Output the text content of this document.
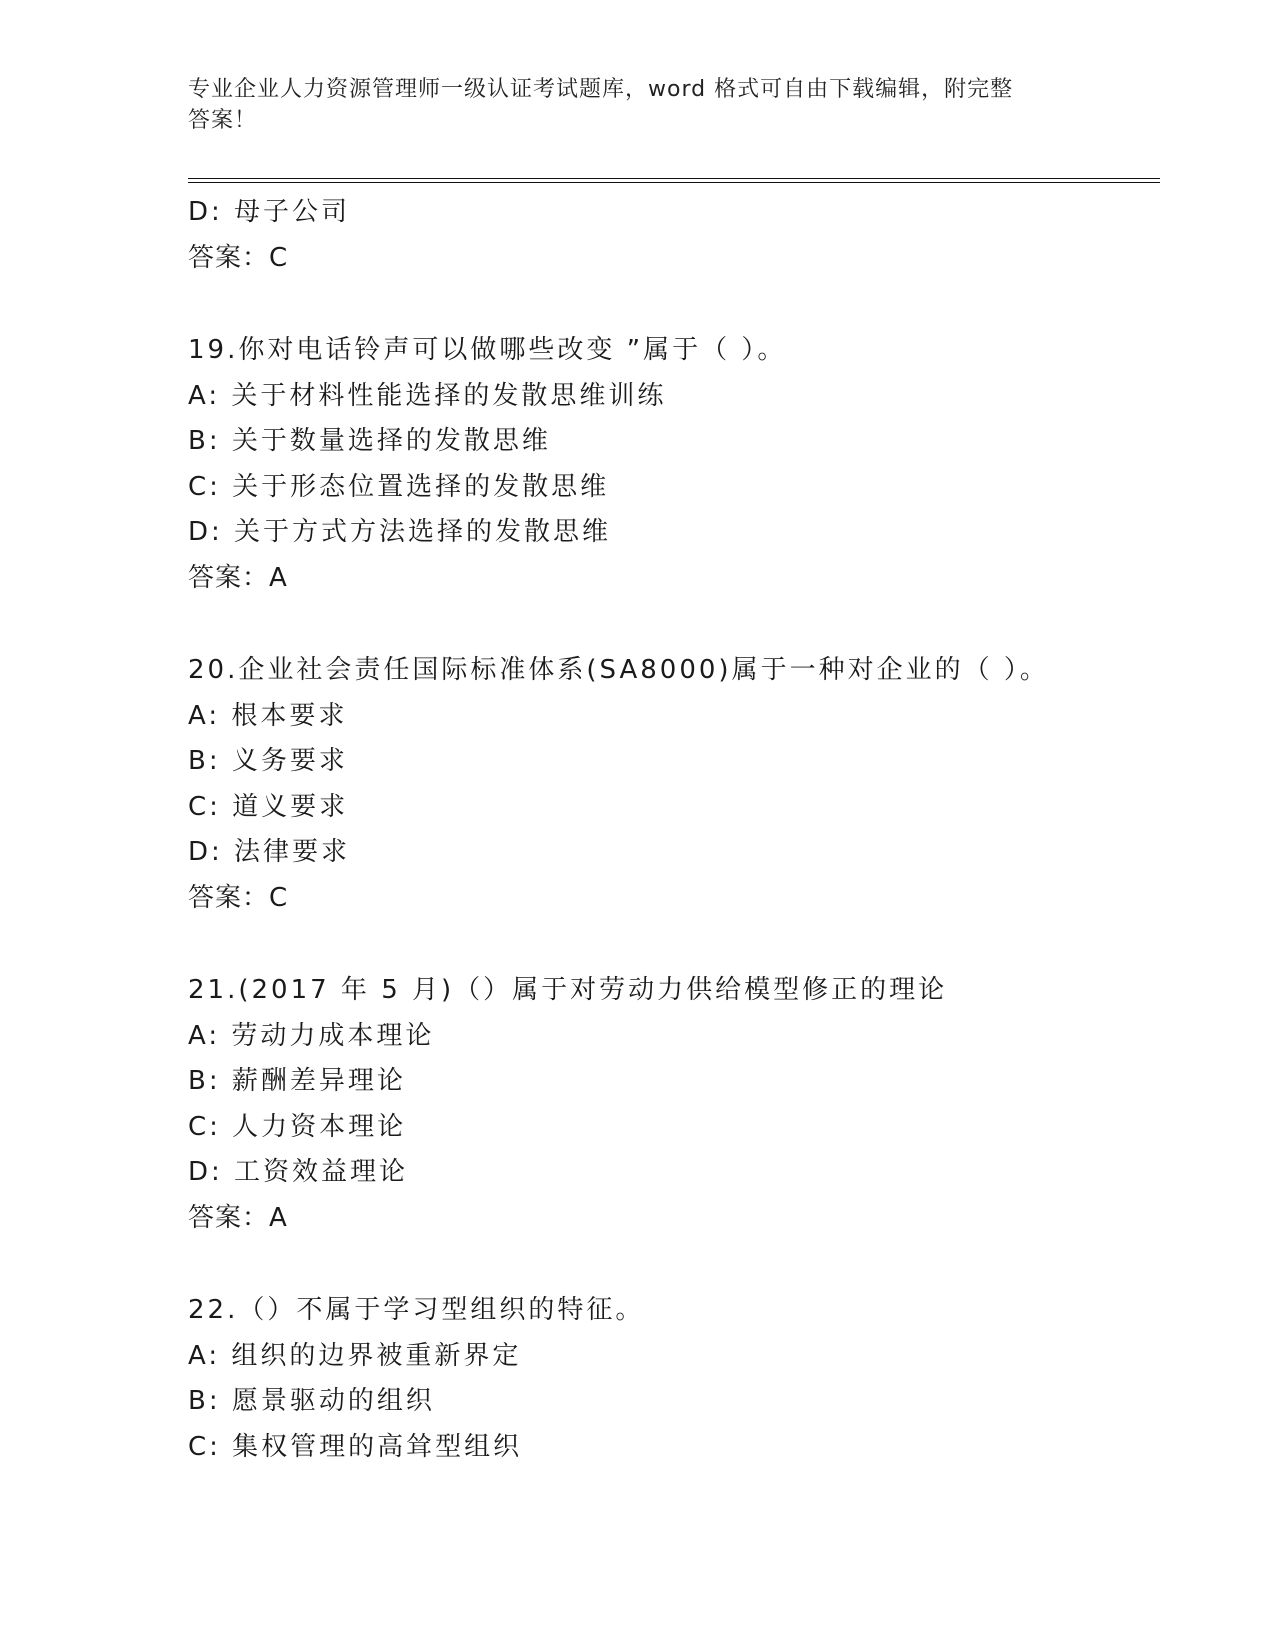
专业企业人力资源管理师一级认证考试题库，word 格式可自由下载编辑，附完整
答案！
D: 母子公司
答案：C
19.你对电话铃声可以做哪些改变 ”属于（ ）。
A: 关于材料性能选择的发散思维训练
B: 关于数量选择的发散思维
C: 关于形态位置选择的发散思维
D: 关于方式方法选择的发散思维
答案：A
20.企业社会责任国际标准体系(SA8000)属于一种对企业的（ ）。
A: 根本要求
B: 义务要求
C: 道义要求
D: 法律要求
答案：C
21.(2017 年 5 月)（）属于对劳动力供给模型修正的理论
A: 劳动力成本理论
B: 薪酬差异理论
C: 人力资本理论
D: 工资效益理论
答案：A
22.（）不属于学习型组织的特征。
A: 组织的边界被重新界定
B: 愿景驱动的组织
C: 集权管理的高耸型组织
